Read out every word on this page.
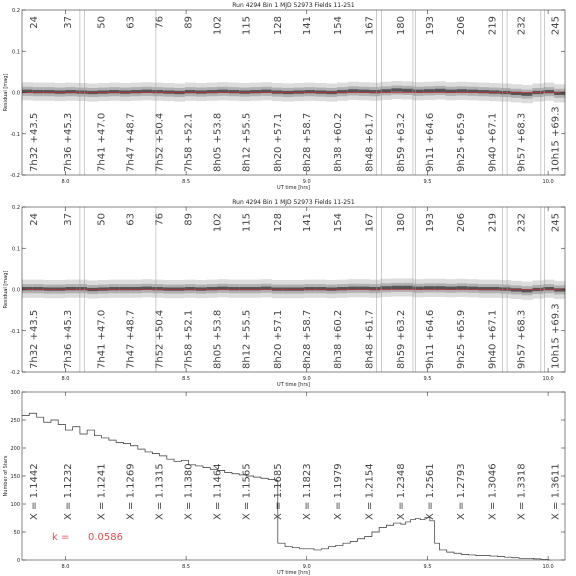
Run 4294 Bin 1 MJD 52973 Fields 11-251
24 37 50 63 76 89 102 115 128 141 154 167 180 193 206 219 232 245
7h32 +43.5 7h36 +45.3 7h41 +47.0 7h47 +48.7 7h52 +50.4 7h58 +52.1 8h05 +53.8 8h12 +55.5 8h20 +57.1 8h28 +58.7 8h38 +60.2 8h48 +61.7 8h59 +63.2 9h11 +64.6 9h25 +65.9 9h40 +67.1 9h57 +68.3 10h15 +69.3
8.0	8.5	9.0	9.5	10.0
-0.2
-0.1
0.0
0.1
0.2
UT time [hrs]
Residual [mag]
Run 4294 Bin 1 MJD 52973 Fields 11-251
24 37 50 63 76 89 102 115 128 141 154 167 180 193 206 219 232 245
7h32 +43.5 7h36 +45.3 7h41 +47.0 7h47 +48.7 7h52 +50.4 7h58 +52.1 8h05 +53.8 8h12 +55.5 8h20 +57.1 8h28 +58.7 8h38 +60.2 8h48 +61.7 8h59 +63.2 9h11 +64.6 9h25 +65.9 9h40 +67.1 9h57 +68.3 10h15 +69.3
8.0	8.5	9.0	9.5	10.0
-0.2
-0.1
0.0
0.1
0.2
UT time [hrs]
Residual [mag]
X = 1.1442 X = 1.1232 X = 1.1241 X = 1.1269 X = 1.1315 X = 1.1380 X = 1.1464 X = 1.1565 X = 1.1685 X = 1.1823 X = 1.1979 X = 1.2154 X = 1.2348 X = 1.2561 X = 1.2793 X = 1.3046 X = 1.3318 X = 1.3611
k = 0.0586
8.0	8.5	9.0	9.5	10.0
0
50
100
150
200
250
300
UT time [hrs]
Number of Stars
